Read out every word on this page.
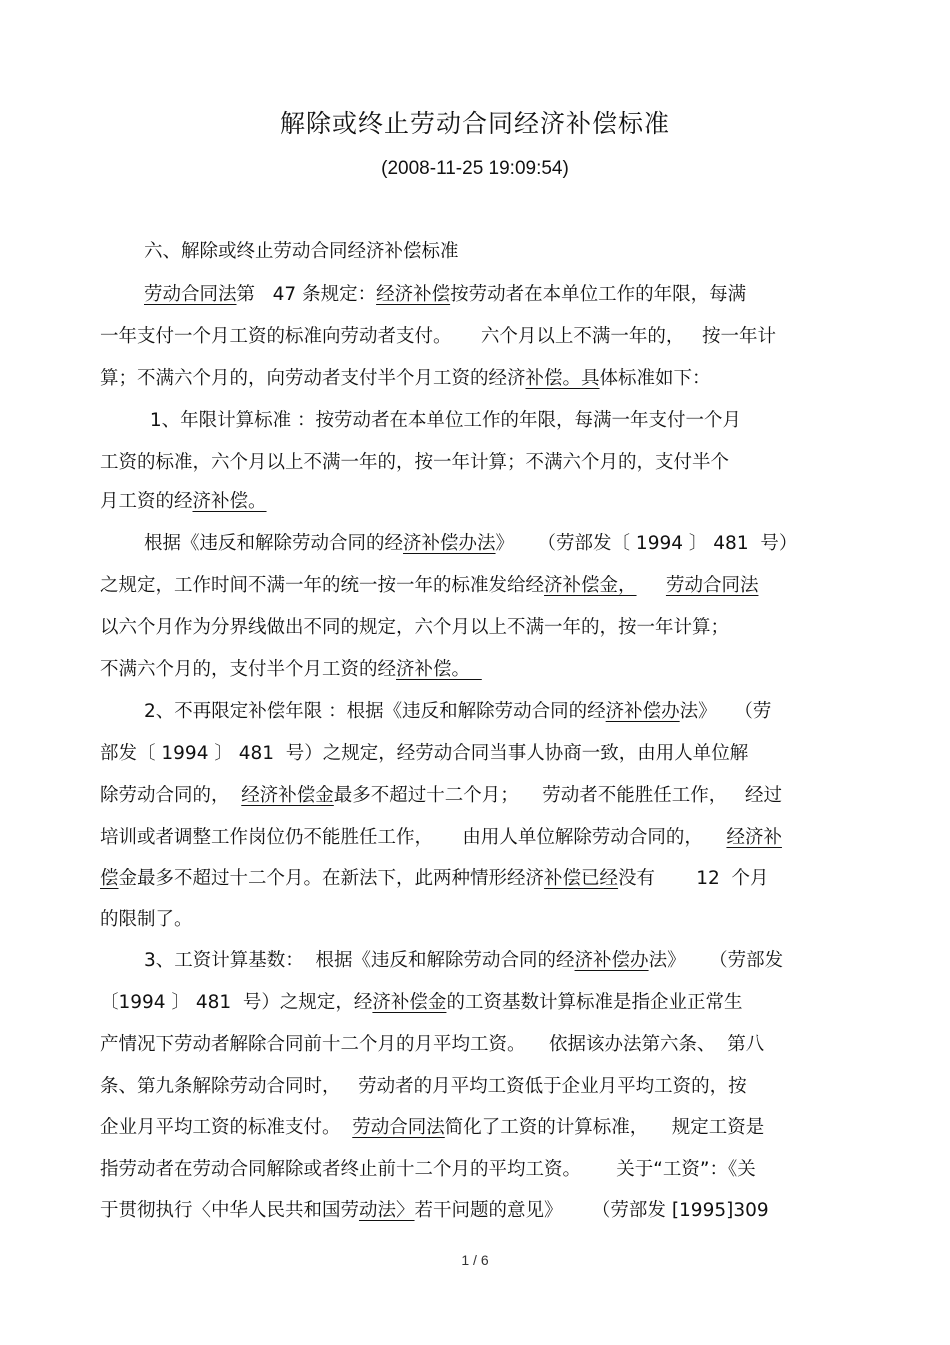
解除或终止劳动合同经济补偿标准
(2008-11-25 19:09:54)
六、解除或终止劳动合同经济补偿标准
劳动合同法第   47 条规定：经济补偿按劳动者在本单位工作的年限，每满
一年支付一个月工资的标准向劳动者支付。     六个月以上不满一年的，   按一年计
算；不满六个月的，向劳动者支付半个月工资的经济补偿。具体标准如下：
1、年限计算标准 ：按劳动者在本单位工作的年限，每满一年支付一个月
工资的标准，六个月以上不满一年的，按一年计算；不满六个月的，支付半个
月工资的经济补偿。
根据《违反和解除劳动合同的经济补偿办法》    （劳部发〔 1994 〕 481  号）
之规定，工作时间不满一年的统一按一年的标准发给经济补偿金， 劳动合同法
以六个月作为分界线做出不同的规定，六个月以上不满一年的，按一年计算；
不满六个月的，支付半个月工资的经济补偿。
2、不再限定补偿年限 ：根据《违反和解除劳动合同的经济补偿办法》   （劳
部发〔 1994 〕 481  号）之规定，经劳动合同当事人协商一致，由用人单位解
除劳动合同的，  经济补偿金最多不超过十二个月；    劳动者不能胜任工作，   经过
培训或者调整工作岗位仍不能胜任工作，     由用人单位解除劳动合同的，    经济补
偿金最多不超过十二个月。在新法下，此两种情形经济补偿已经没有       12  个月
的限制了。
3、工资计算基数：  根据《违反和解除劳动合同的经济补偿办法》    （劳部发
〔1994 〕 481  号）之规定，经济补偿金的工资基数计算标准是指企业正常生
产情况下劳动者解除合同前十二个月的月平均工资。    依据该办法第六条、  第八
条、第九条解除劳动合同时，   劳动者的月平均工资低于企业月平均工资的，按
企业月平均工资的标准支付。  劳动合同法简化了工资的计算标准，    规定工资是
指劳动者在劳动合同解除或者终止前十二个月的平均工资。      关于“工资”：《关
于贯彻执行〈中华人民共和国劳动法〉若干问题的意见》     （劳部发 [1995]309
1 / 6
